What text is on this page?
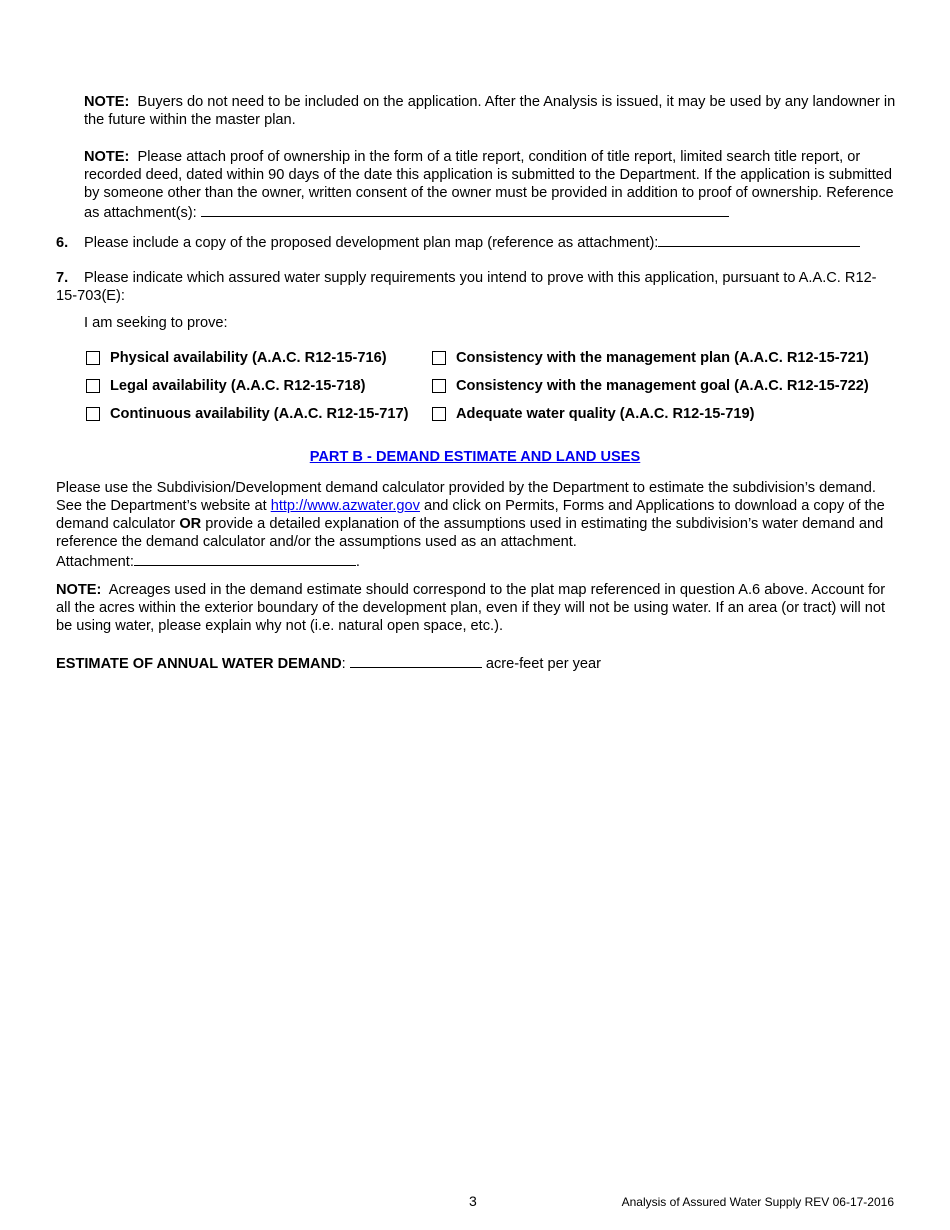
NOTE: Buyers do not need to be included on the application. After the Analysis is issued, it may be used by any landowner in the future within the master plan.

NOTE: Please attach proof of ownership in the form of a title report, condition of title report, limited search title report, or recorded deed, dated within 90 days of the date this application is submitted to the Department. If the application is submitted by someone other than the owner, written consent of the owner must be provided in addition to proof of ownership. Reference as attachment(s):

6. Please include a copy of the proposed development plan map (reference as attachment):

7. Please indicate which assured water supply requirements you intend to prove with this application, pursuant to A.A.C. R12-15-703(E):

I am seeking to prove:

Physical availability (A.A.C. R12-15-716)	Consistency with the management plan (A.A.C. R12-15-721)
Legal availability (A.A.C. R12-15-718)	Consistency with the management goal (A.A.C. R12-15-722)
Continuous availability (A.A.C. R12-15-717)	Adequate water quality (A.A.C. R12-15-719)

PART B - DEMAND ESTIMATE AND LAND USES

Please use the Subdivision/Development demand calculator provided by the Department to estimate the subdivision’s demand. See the Department’s website at http://www.azwater.gov and click on Permits, Forms and Applications to download a copy of the demand calculator OR provide a detailed explanation of the assumptions used in estimating the subdivision’s water demand and reference the demand calculator and/or the assumptions used as an attachment.
Attachment:	.

NOTE: Acreages used in the demand estimate should correspond to the plat map referenced in question A.6 above. Account for all the acres within the exterior boundary of the development plan, even if they will not be using water. If an area (or tract) will not be using water, please explain why not (i.e. natural open space, etc.).

ESTIMATE OF ANNUAL WATER DEMAND:	acre-feet per year

3	Analysis of Assured Water Supply REV 06-17-2016
